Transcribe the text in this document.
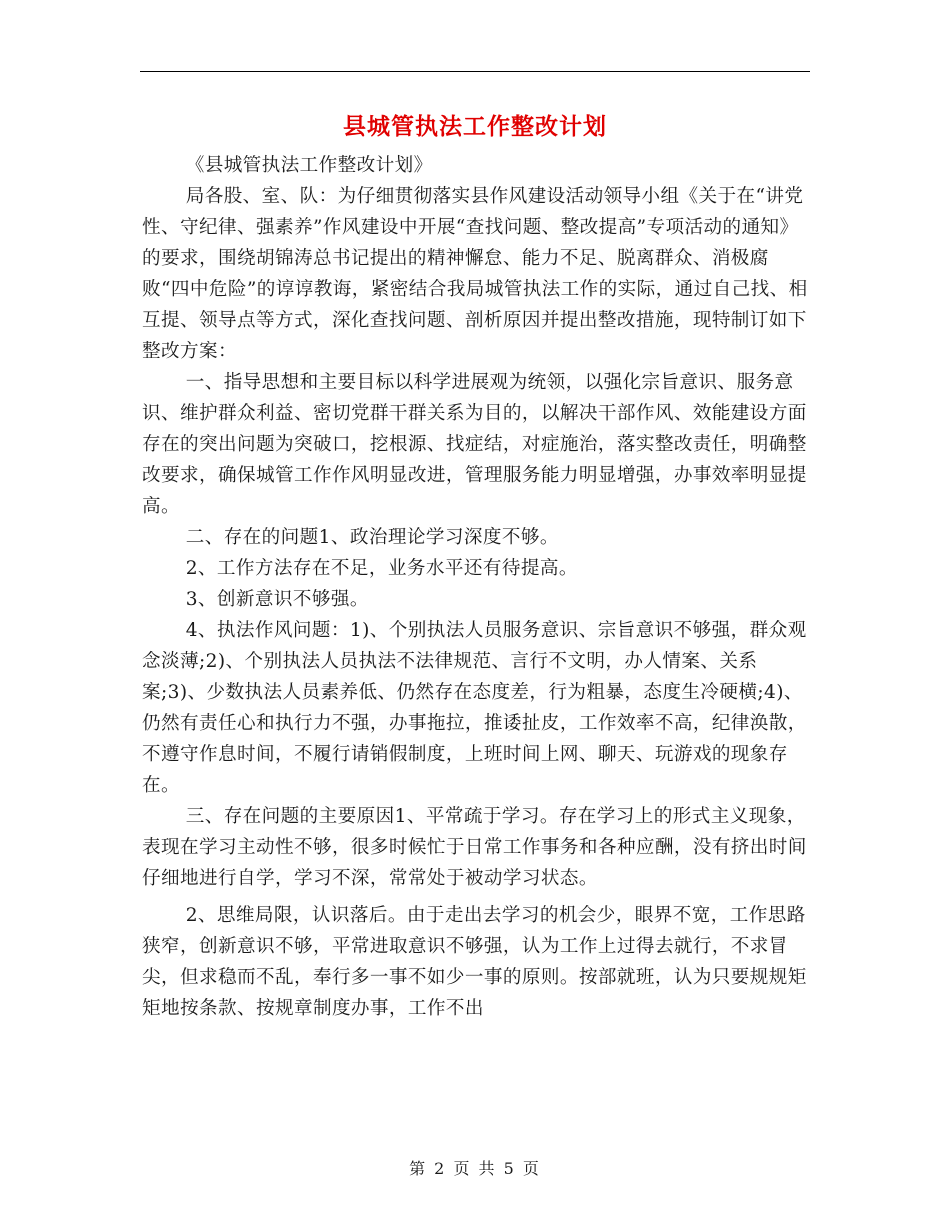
县城管执法工作整改计划

《县城管执法工作整改计划》

局各股、室、队：为仔细贯彻落实县作风建设活动领导小组《关于在“讲党性、守纪律、强素养”作风建设中开展“查找问题、整改提高”专项活动的通知》的要求，围绕胡锦涛总书记提出的精神懈怠、能力不足、脱离群众、消极腐败“四中危险”的谆谆教诲，紧密结合我局城管执法工作的实际，通过自己找、相互提、领导点等方式，深化查找问题、剖析原因并提出整改措施，现特制订如下整改方案：

一、指导思想和主要目标以科学进展观为统领，以强化宗旨意识、服务意识、维护群众利益、密切党群干群关系为目的，以解决干部作风、效能建设方面存在的突出问题为突破口，挖根源、找症结，对症施治，落实整改责任，明确整改要求，确保城管工作作风明显改进，管理服务能力明显增强，办事效率明显提高。

二、存在的问题1、政治理论学习深度不够。

2、工作方法存在不足，业务水平还有待提高。

3、创新意识不够强。

4、执法作风问题：1)、个别执法人员服务意识、宗旨意识不够强，群众观念淡薄;2)、个别执法人员执法不法律规范、言行不文明，办人情案、关系案;3)、少数执法人员素养低、仍然存在态度差，行为粗暴，态度生冷硬横;4)、仍然有责任心和执行力不强，办事拖拉，推诿扯皮，工作效率不高，纪律涣散，不遵守作息时间，不履行请销假制度，上班时间上网、聊天、玩游戏的现象存在。

三、存在问题的主要原因1、平常疏于学习。存在学习上的形式主义现象，表现在学习主动性不够，很多时候忙于日常工作事务和各种应酬，没有挤出时间仔细地进行自学，学习不深，常常处于被动学习状态。

2、思维局限，认识落后。由于走出去学习的机会少，眼界不宽，工作思路狭窄，创新意识不够，平常进取意识不够强，认为工作上过得去就行，不求冒尖，但求稳而不乱，奉行多一事不如少一事的原则。按部就班，认为只要规规矩矩地按条款、按规章制度办事，工作不出

第 2 页 共 5 页
